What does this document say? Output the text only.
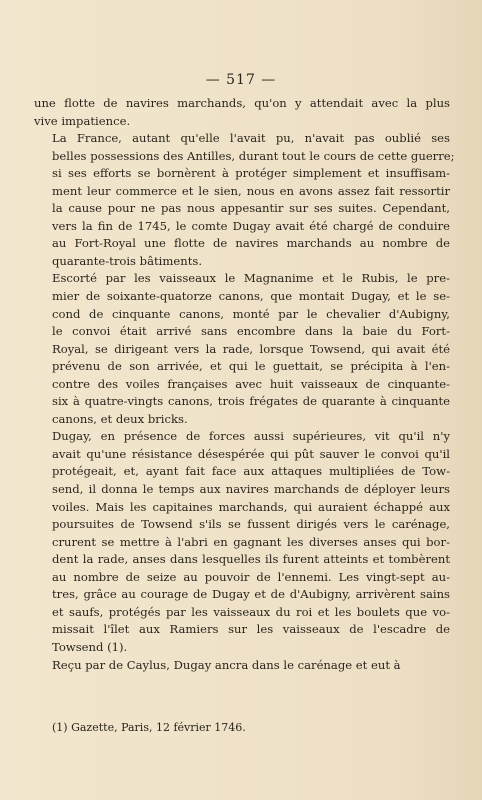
— 517 —

une flotte de navires marchands, qu'on y attendait avec la plus
vive impatience.

La France, autant qu'elle l'avait pu, n'avait pas oublié ses
belles possessions des Antilles, durant tout le cours de cette guerre;
si ses efforts se bornèrent à protéger simplement et insuffisam-
ment leur commerce et le sien, nous en avons assez fait ressortir
la cause pour ne pas nous appesantir sur ses suites. Cependant,
vers la fin de 1745, le comte Dugay avait été chargé de conduire
au Fort-Royal une flotte de navires marchands au nombre de
quarante-trois bâtiments.

Escorté par les vaisseaux le Magnanime et le Rubis, le pre-
mier de soixante-quatorze canons, que montait Dugay, et le se-
cond de cinquante canons, monté par le chevalier d'Aubigny,
le convoi était arrivé sans encombre dans la baie du Fort-
Royal, se dirigeant vers la rade, lorsque Towsend, qui avait été
prévenu de son arrivée, et qui le guettait, se précipita à l'en-
contre des voiles françaises avec huit vaisseaux de cinquante-
six à quatre-vingts canons, trois frégates de quarante à cinquante
canons, et deux bricks.

Dugay, en présence de forces aussi supérieures, vit qu'il n'y
avait qu'une résistance désespérée qui pût sauver le convoi qu'il
protégeait, et, ayant fait face aux attaques multipliées de Tow-
send, il donna le temps aux navires marchands de déployer leurs
voiles. Mais les capitaines marchands, qui auraient échappé aux
poursuites de Towsend s'ils se fussent dirigés vers le carénage,
crurent se mettre à l'abri en gagnant les diverses anses qui bor-
dent la rade, anses dans lesquelles ils furent atteints et tombèrent
au nombre de seize au pouvoir de l'ennemi. Les vingt-sept au-
tres, grâce au courage de Dugay et de d'Aubigny, arrivèrent sains
et saufs, protégés par les vaisseaux du roi et les boulets que vo-
missait l'îlet aux Ramiers sur les vaisseaux de l'escadre de
Towsend (1).

Reçu par de Caylus, Dugay ancra dans le carénage et eut à

(1) Gazette, Paris, 12 février 1746.
